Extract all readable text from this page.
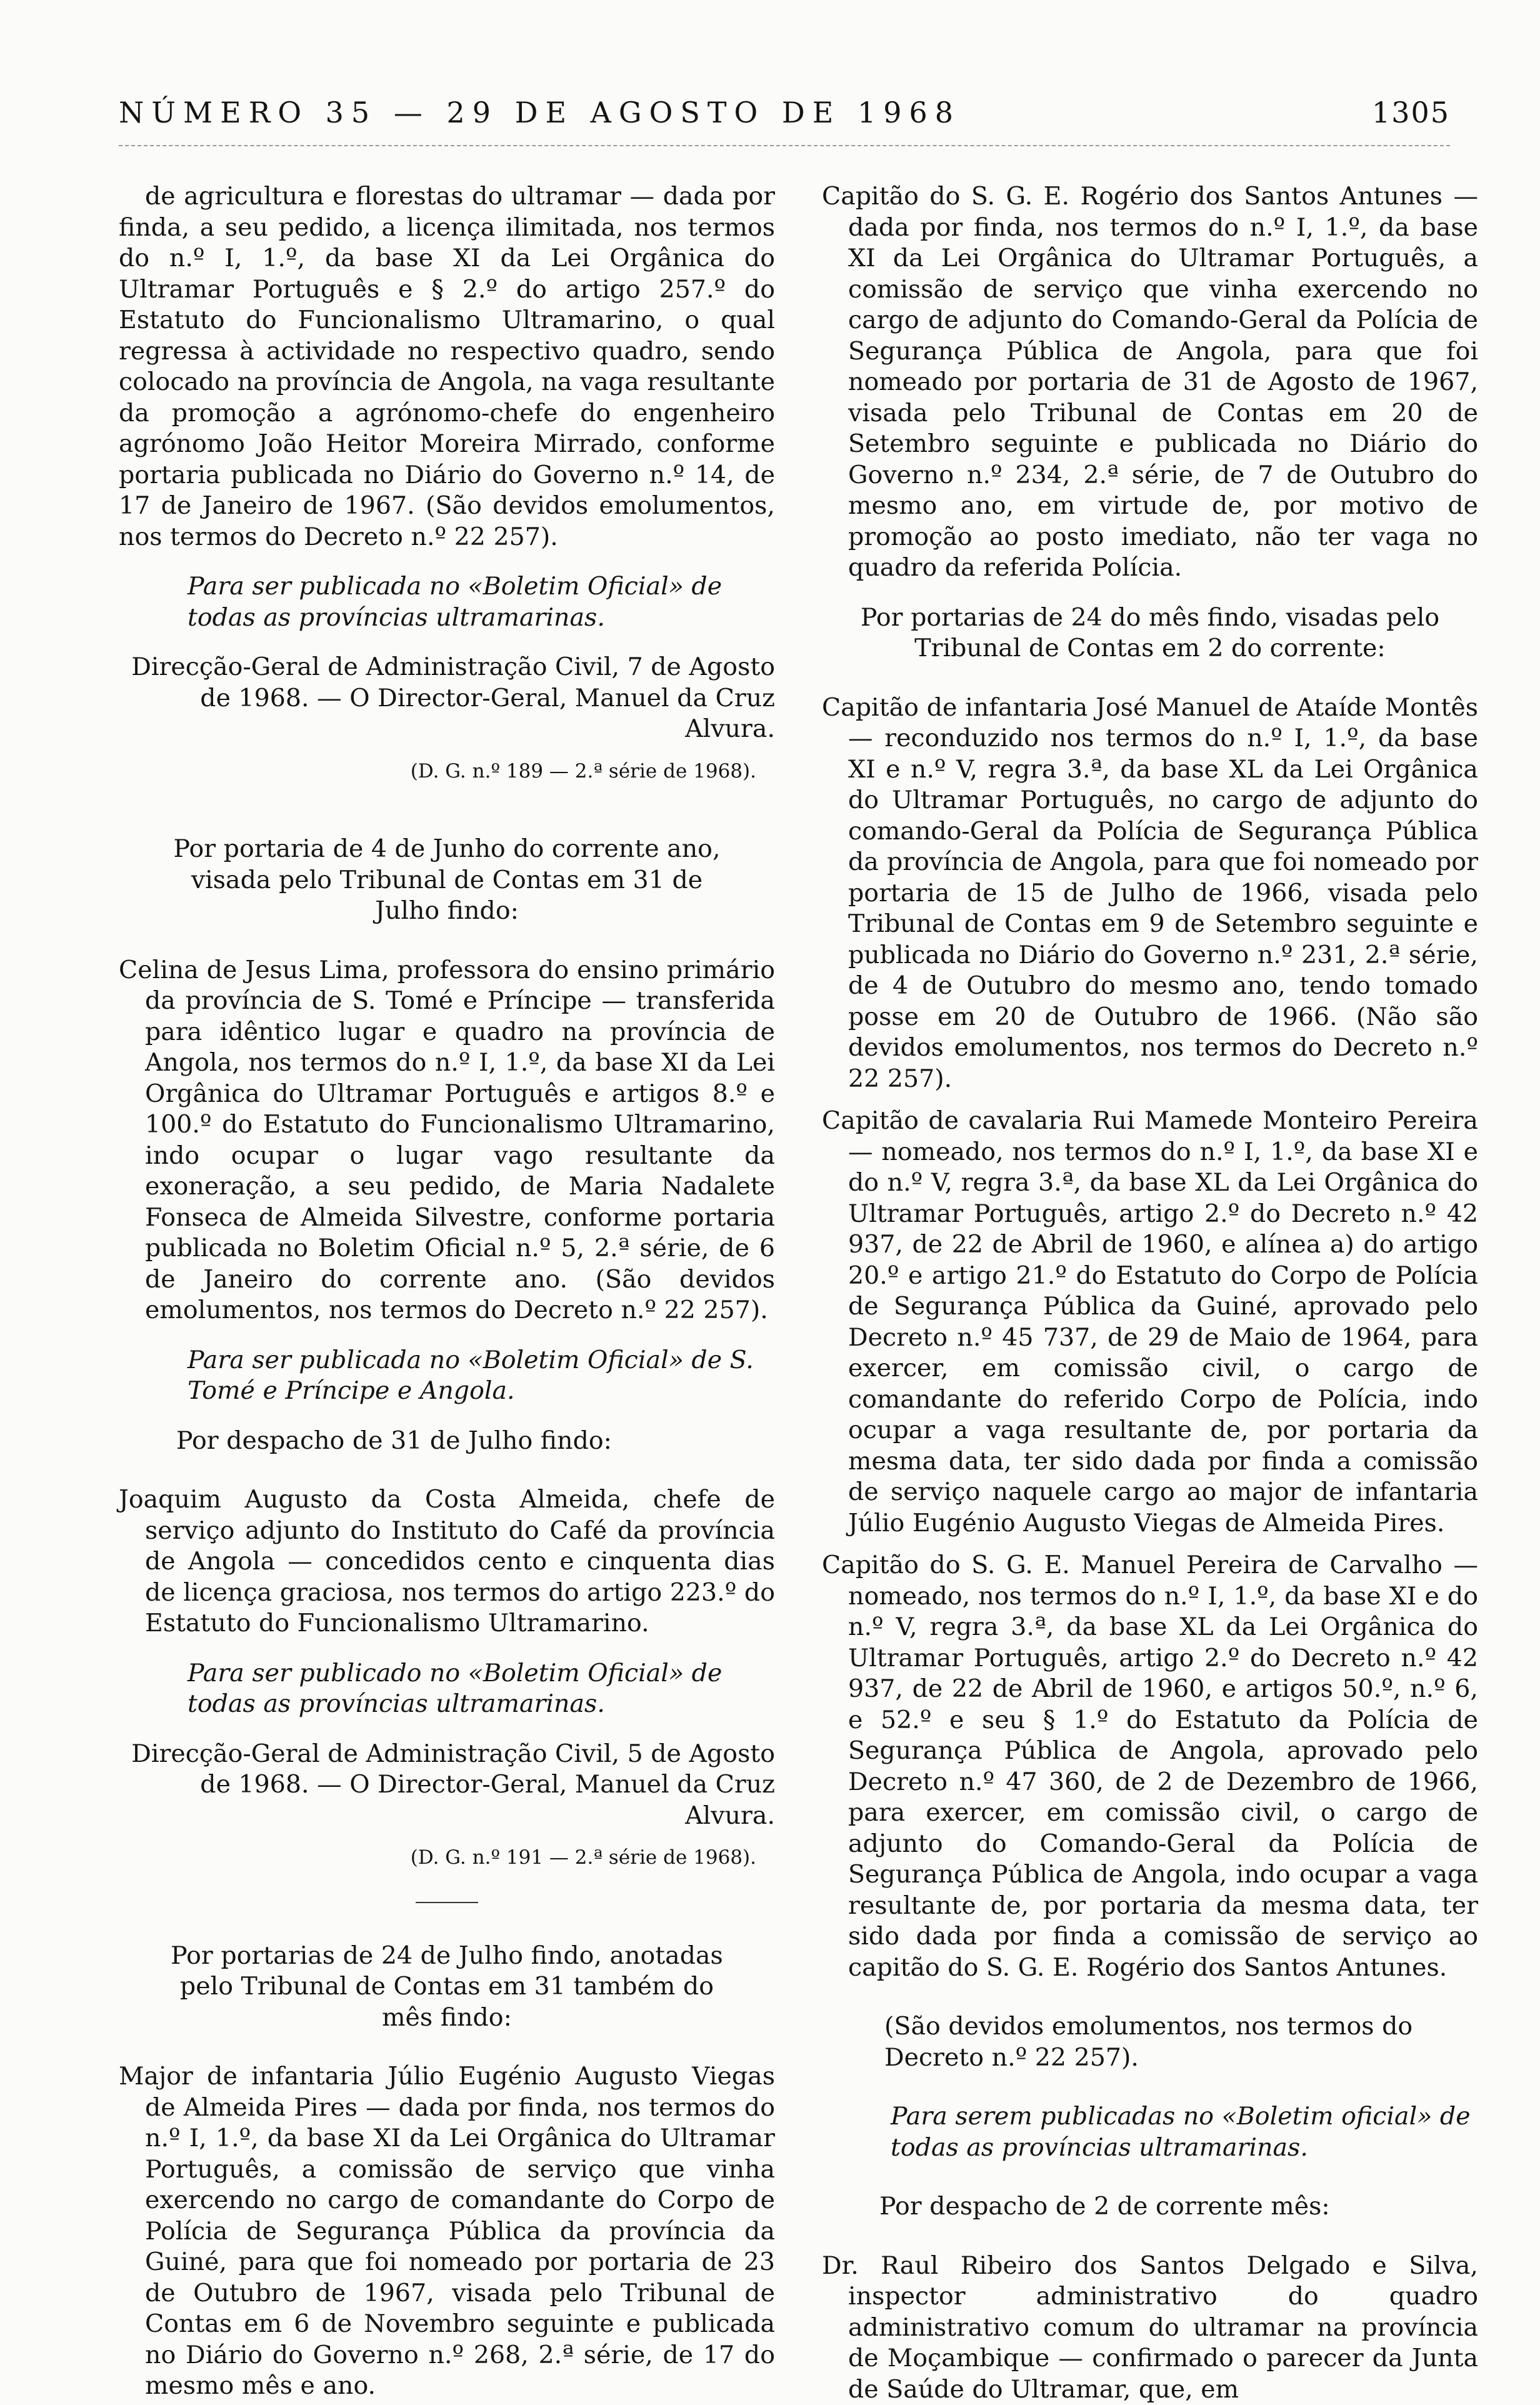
NÚMERO 35 — 29 DE AGOSTO DE 1968	1305

de agricultura e florestas do ultramar — dada por finda, a seu pedido, a licença ilimitada, nos termos do n.º I, 1.º, da base XI da Lei Orgânica do Ultramar Português e § 2.º do artigo 257.º do Estatuto do Funcionalismo Ultramarino, o qual regressa à actividade no respectivo quadro, sendo colocado na província de Angola, na vaga resultante da promoção a agrónomo-chefe do engenheiro agrónomo João Heitor Moreira Mirrado, conforme portaria publicada no Diário do Governo n.º 14, de 17 de Janeiro de 1967. (São devidos emolumentos, nos termos do Decreto n.º 22 257).

Para ser publicada no «Boletim Oficial» de todas as províncias ultramarinas.

Direcção-Geral de Administração Civil, 7 de Agosto de 1968. — O Director-Geral, Manuel da Cruz Alvura.

(D. G. n.º 189 — 2.ª série de 1968).

Por portaria de 4 de Junho do corrente ano, visada pelo Tribunal de Contas em 31 de Julho findo:

Celina de Jesus Lima, professora do ensino primário da província de S. Tomé e Príncipe — transferida para idêntico lugar e quadro na província de Angola, nos termos do n.º I, 1.º, da base XI da Lei Orgânica do Ultramar Português e artigos 8.º e 100.º do Estatuto do Funcionalismo Ultramarino, indo ocupar o lugar vago resultante da exoneração, a seu pedido, de Maria Nadalete Fonseca de Almeida Silvestre, conforme portaria publicada no Boletim Oficial n.º 5, 2.ª série, de 6 de Janeiro do corrente ano. (São devidos emolumentos, nos termos do Decreto n.º 22 257).

Para ser publicada no «Boletim Oficial» de S. Tomé e Príncipe e Angola.

Por despacho de 31 de Julho findo:

Joaquim Augusto da Costa Almeida, chefe de serviço adjunto do Instituto do Café da província de Angola — concedidos cento e cinquenta dias de licença graciosa, nos termos do artigo 223.º do Estatuto do Funcionalismo Ultramarino.

Para ser publicado no «Boletim Oficial» de todas as províncias ultramarinas.

Direcção-Geral de Administração Civil, 5 de Agosto de 1968. — O Director-Geral, Manuel da Cruz Alvura.

(D. G. n.º 191 — 2.ª série de 1968).

Por portarias de 24 de Julho findo, anotadas pelo Tribunal de Contas em 31 também do mês findo:

Major de infantaria Júlio Eugénio Augusto Viegas de Almeida Pires — dada por finda, nos termos do n.º I, 1.º, da base XI da Lei Orgânica do Ultramar Português, a comissão de serviço que vinha exercendo no cargo de comandante do Corpo de Polícia de Segurança Pública da província da Guiné, para que foi nomeado por portaria de 23 de Outubro de 1967, visada pelo Tribunal de Contas em 6 de Novembro seguinte e publicada no Diário do Governo n.º 268, 2.ª série, de 17 do mesmo mês e ano.

Capitão do S. G. E. Rogério dos Santos Antunes — dada por finda, nos termos do n.º I, 1.º, da base XI da Lei Orgânica do Ultramar Português, a comissão de serviço que vinha exercendo no cargo de adjunto do Comando-Geral da Polícia de Segurança Pública de Angola, para que foi nomeado por portaria de 31 de Agosto de 1967, visada pelo Tribunal de Contas em 20 de Setembro seguinte e publicada no Diário do Governo n.º 234, 2.ª série, de 7 de Outubro do mesmo ano, em virtude de, por motivo de promoção ao posto imediato, não ter vaga no quadro da referida Polícia.

Por portarias de 24 do mês findo, visadas pelo Tribunal de Contas em 2 do corrente:

Capitão de infantaria José Manuel de Ataíde Montês — reconduzido nos termos do n.º I, 1.º, da base XI e n.º V, regra 3.ª, da base XL da Lei Orgânica do Ultramar Português, no cargo de adjunto do comando-Geral da Polícia de Segurança Pública da província de Angola, para que foi nomeado por portaria de 15 de Julho de 1966, visada pelo Tribunal de Contas em 9 de Setembro seguinte e publicada no Diário do Governo n.º 231, 2.ª série, de 4 de Outubro do mesmo ano, tendo tomado posse em 20 de Outubro de 1966. (Não são devidos emolumentos, nos termos do Decreto n.º 22 257).

Capitão de cavalaria Rui Mamede Monteiro Pereira — nomeado, nos termos do n.º I, 1.º, da base XI e do n.º V, regra 3.ª, da base XL da Lei Orgânica do Ultramar Português, artigo 2.º do Decreto n.º 42 937, de 22 de Abril de 1960, e alínea a) do artigo 20.º e artigo 21.º do Estatuto do Corpo de Polícia de Segurança Pública da Guiné, aprovado pelo Decreto n.º 45 737, de 29 de Maio de 1964, para exercer, em comissão civil, o cargo de comandante do referido Corpo de Polícia, indo ocupar a vaga resultante de, por portaria da mesma data, ter sido dada por finda a comissão de serviço naquele cargo ao major de infantaria Júlio Eugénio Augusto Viegas de Almeida Pires.

Capitão do S. G. E. Manuel Pereira de Carvalho — nomeado, nos termos do n.º I, 1.º, da base XI e do n.º V, regra 3.ª, da base XL da Lei Orgânica do Ultramar Português, artigo 2.º do Decreto n.º 42 937, de 22 de Abril de 1960, e artigos 50.º, n.º 6, e 52.º e seu § 1.º do Estatuto da Polícia de Segurança Pública de Angola, aprovado pelo Decreto n.º 47 360, de 2 de Dezembro de 1966, para exercer, em comissão civil, o cargo de adjunto do Comando-Geral da Polícia de Segurança Pública de Angola, indo ocupar a vaga resultante de, por portaria da mesma data, ter sido dada por finda a comissão de serviço ao capitão do S. G. E. Rogério dos Santos Antunes.

(São devidos emolumentos, nos termos do Decreto n.º 22 257).

Para serem publicadas no «Boletim oficial» de todas as províncias ultramarinas.

Por despacho de 2 de corrente mês:

Dr. Raul Ribeiro dos Santos Delgado e Silva, inspector administrativo do quadro administrativo comum do ultramar na província de Moçambique — confirmado o parecer da Junta de Saúde do Ultramar, que, em
